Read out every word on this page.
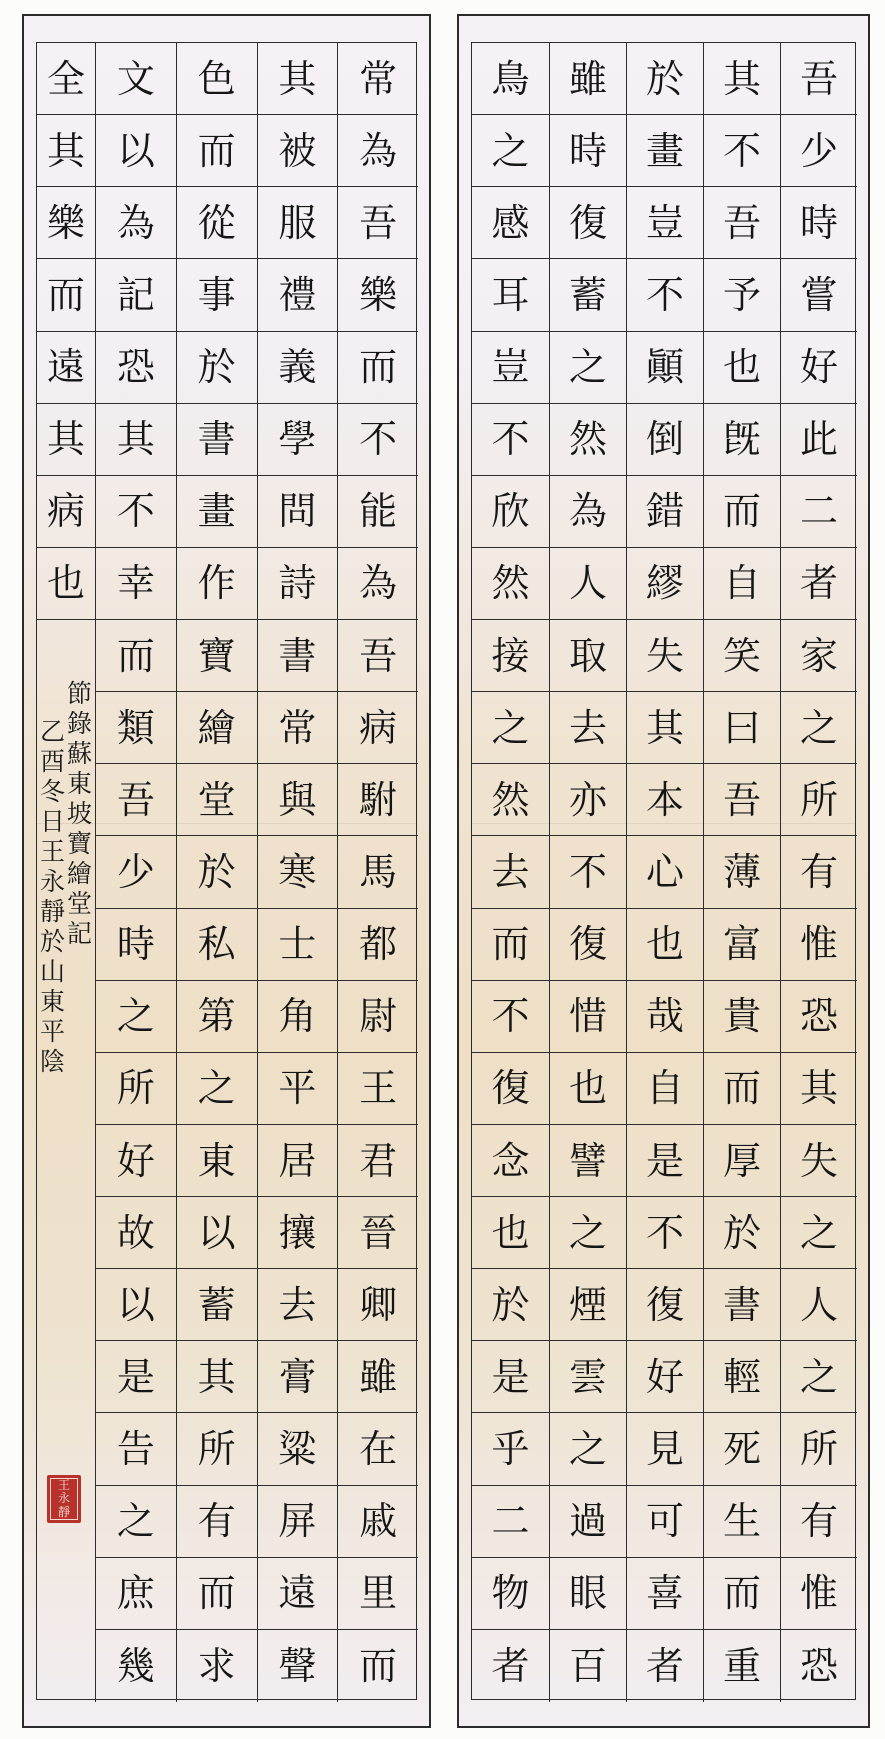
常
為
吾
樂
而
不
能
為
吾
病
駙
馬
都
尉
王
君
晉
卿
雖
在
戚
里
而
其
被
服
禮
義
學
問
詩
書
常
與
寒
士
角
平
居
攘
去
膏
粱
屏
遠
聲
色
而
從
事
於
書
畫
作
寶
繪
堂
於
私
第
之
東
以
蓄
其
所
有
而
求
文
以
為
記
恐
其
不
幸
而
類
吾
少
時
之
所
好
故
以
是
告
之
庶
幾
全
其
樂
而
遠
其
病
也
節
錄
蘇
東
坡
寶
繪
堂
記
乙
酉
冬
日
王
永
靜
於
山
東
平
陰
王
永
靜
吾
少
時
嘗
好
此
二
者
家
之
所
有
惟
恐
其
失
之
人
之
所
有
惟
恐
其
不
吾
予
也
旣
而
自
笑
曰
吾
薄
富
貴
而
厚
於
書
輕
死
生
而
重
於
畫
豈
不
顚
倒
錯
繆
失
其
本
心
也
哉
自
是
不
復
好
見
可
喜
者
雖
時
復
蓄
之
然
為
人
取
去
亦
不
復
惜
也
譬
之
煙
雲
之
過
眼
百
鳥
之
感
耳
豈
不
欣
然
接
之
然
去
而
不
復
念
也
於
是
乎
二
物
者
